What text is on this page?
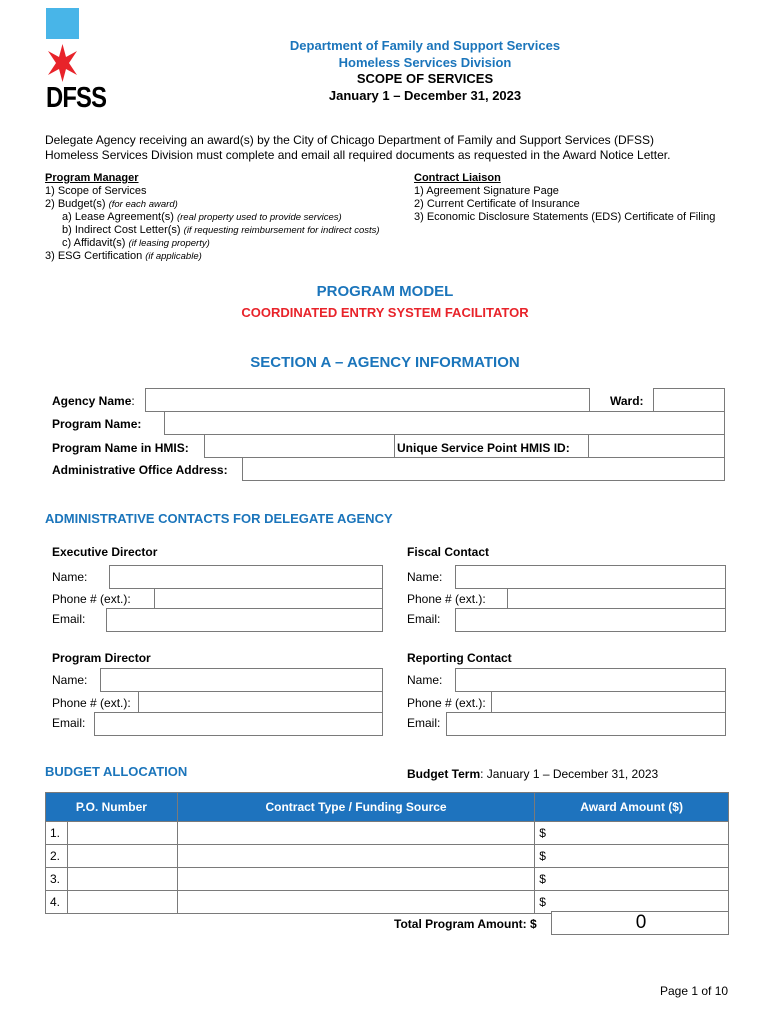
DFSS
Department of Family and Support Services
Homeless Services Division
SCOPE OF SERVICES
January 1 – December 31, 2023
Delegate Agency receiving an award(s) by the City of Chicago Department of Family and Support Services (DFSS)
Homeless Services Division must complete and email all required documents as requested in the Award Notice Letter.
Program Manager
1) Scope of Services
2) Budget(s) (for each award)
a) Lease Agreement(s) (real property used to provide services)
b) Indirect Cost Letter(s) (if requesting reimbursement for indirect costs)
c) Affidavit(s) (if leasing property)
3) ESG Certification (if applicable)
Contract Liaison
1) Agreement Signature Page
2) Current Certificate of Insurance
3) Economic Disclosure Statements (EDS) Certificate of Filing
PROGRAM MODEL
COORDINATED ENTRY SYSTEM FACILITATOR
SECTION A – AGENCY INFORMATION
Agency Name:	Ward:
Program Name:
Program Name in HMIS:	Unique Service Point HMIS ID:
Administrative Office Address:
ADMINISTRATIVE CONTACTS FOR DELEGATE AGENCY
Executive Director	Fiscal Contact
Name:
Phone # (ext.):
Email:
Name:
Phone # (ext.):
Email:
Program Director	Reporting Contact
Name:
Phone # (ext.):
Email:
Name:
Phone # (ext.):
Email:
BUDGET ALLOCATION	Budget Term: January 1 – December 31, 2023
P.O. Number		Contract Type / Funding Source	Award Amount ($)
1.			$
2.			$
3.			$
4.			$
Total Program Amount: $	0
Page 1 of 10
